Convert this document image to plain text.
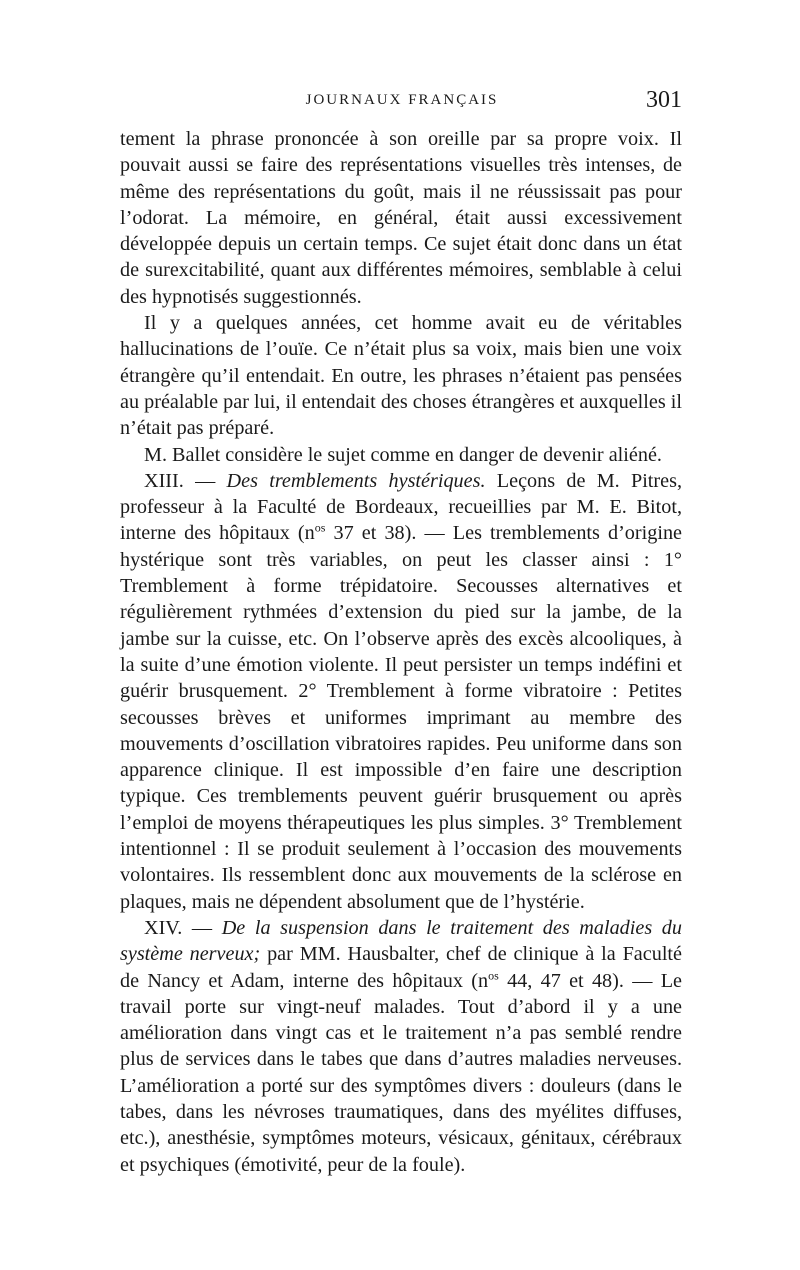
JOURNAUX FRANÇAIS	301

tement la phrase prononcée à son oreille par sa propre voix. Il pouvait aussi se faire des représentations visuelles très intenses, de même des représentations du goût, mais il ne réussissait pas pour l’odorat. La mémoire, en général, était aussi excessivement développée depuis un certain temps. Ce sujet était donc dans un état de surexcitabilité, quant aux différentes mémoires, semblable à celui des hypnotisés suggestionnés.

Il y a quelques années, cet homme avait eu de véritables hallucinations de l’ouïe. Ce n’était plus sa voix, mais bien une voix étrangère qu’il entendait. En outre, les phrases n’étaient pas pensées au préalable par lui, il entendait des choses étrangères et auxquelles il n’était pas préparé.

M. Ballet considère le sujet comme en danger de devenir aliéné.

XIII. — Des tremblements hystériques. Leçons de M. Pitres, professeur à la Faculté de Bordeaux, recueillies par M. E. Bitot, interne des hôpitaux ($n^{os}$ 37 et 38). — Les tremblements d’origine hystérique sont très variables, on peut les classer ainsi : 1° Tremblement à forme trépidatoire. Secousses alternatives et régulièrement rythmées d’extension du pied sur la jambe, de la jambe sur la cuisse, etc. On l’observe après des excès alcooliques, à la suite d’une émotion violente. Il peut persister un temps indéfini et guérir brusquement. 2° Tremblement à forme vibratoire : Petites secousses brèves et uniformes imprimant au membre des mouvements d’oscillation vibratoires rapides. Peu uniforme dans son apparence clinique. Il est impossible d’en faire une description typique. Ces tremblements peuvent guérir brusquement ou après l’emploi de moyens thérapeutiques les plus simples. 3° Tremblement intentionnel : Il se produit seulement à l’occasion des mouvements volontaires. Ils ressemblent donc aux mouvements de la sclérose en plaques, mais ne dépendent absolument que de l’hystérie.

XIV. — De la suspension dans le traitement des maladies du système nerveux; par MM. Hausbalter, chef de clinique à la Faculté de Nancy et Adam, interne des hôpitaux ($n^{os}$ 44, 47 et 48). — Le travail porte sur vingt-neuf malades. Tout d’abord il y a une amélioration dans vingt cas et le traitement n’a pas semblé rendre plus de services dans le tabes que dans d’autres maladies nerveuses. L’amélioration a porté sur des symptômes divers : douleurs (dans le tabes, dans les névroses traumatiques, dans des myélites diffuses, etc.), anesthésie, symptômes moteurs, vésicaux, génitaux, cérébraux et psychiques (émotivité, peur de la foule).
